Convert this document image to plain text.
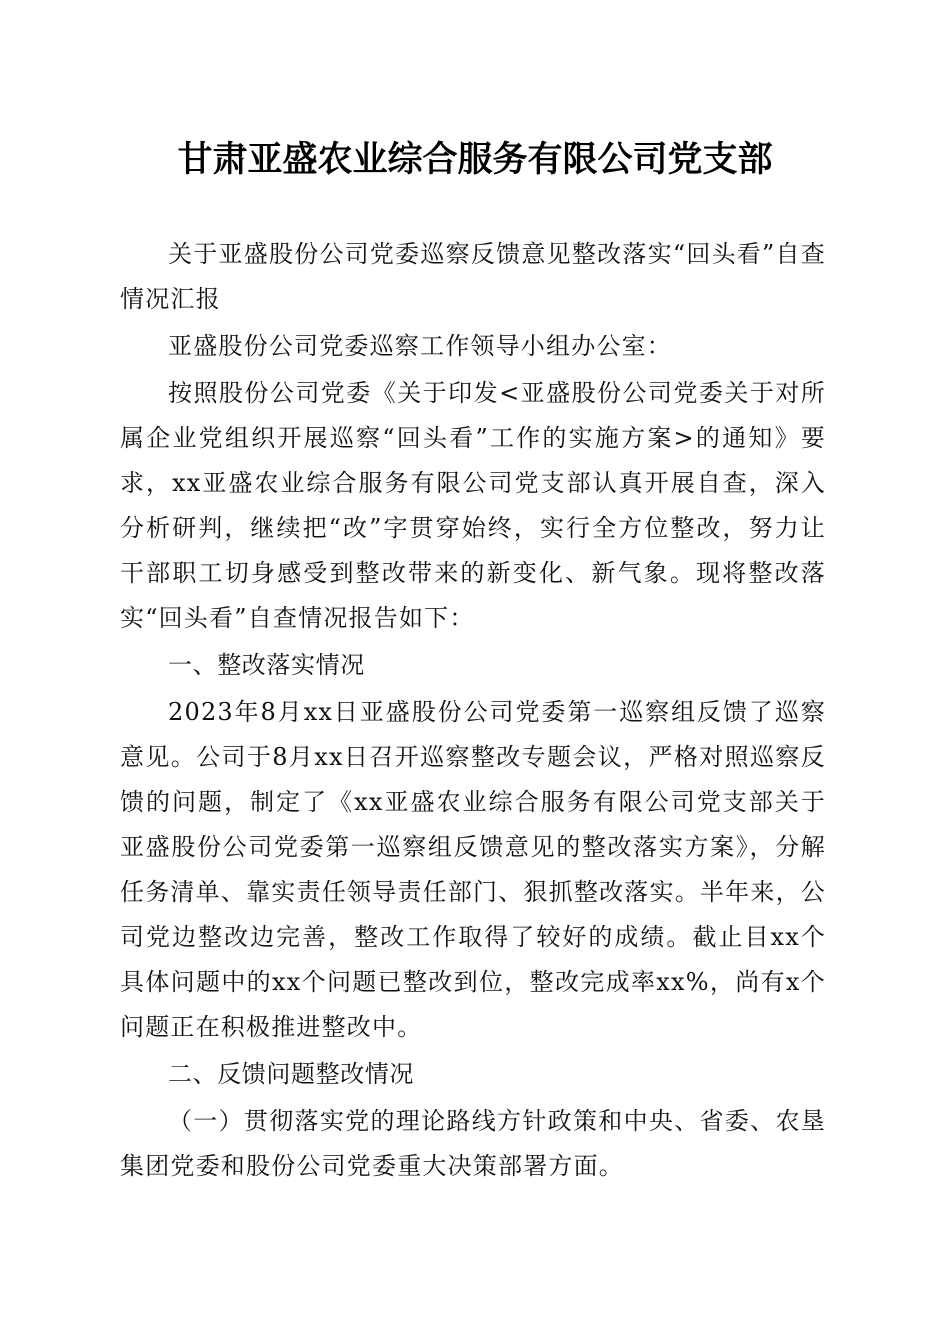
甘肃亚盛农业综合服务有限公司党支部

关于亚盛股份公司党委巡察反馈意见整改落实“回头看”自查情况汇报

亚盛股份公司党委巡察工作领导小组办公室：

按照股份公司党委《关于印发<亚盛股份公司党委关于对所属企业党组织开展巡察“回头看”工作的实施方案>的通知》要求，xx亚盛农业综合服务有限公司党支部认真开展自查，深入分析研判，继续把“改”字贯穿始终，实行全方位整改，努力让干部职工切身感受到整改带来的新变化、新气象。现将整改落实“回头看”自查情况报告如下：

一、整改落实情况

2023年8月xx日亚盛股份公司党委第一巡察组反馈了巡察意见。公司于8月xx日召开巡察整改专题会议，严格对照巡察反馈的问题，制定了《xx亚盛农业综合服务有限公司党支部关于亚盛股份公司党委第一巡察组反馈意见的整改落实方案》，分解任务清单、靠实责任领导责任部门、狠抓整改落实。半年来，公司党边整改边完善，整改工作取得了较好的成绩。截止目xx个具体问题中的xx个问题已整改到位，整改完成率xx%，尚有x个问题正在积极推进整改中。

二、反馈问题整改情况

（一）贯彻落实党的理论路线方针政策和中央、省委、农垦集团党委和股份公司党委重大决策部署方面。
